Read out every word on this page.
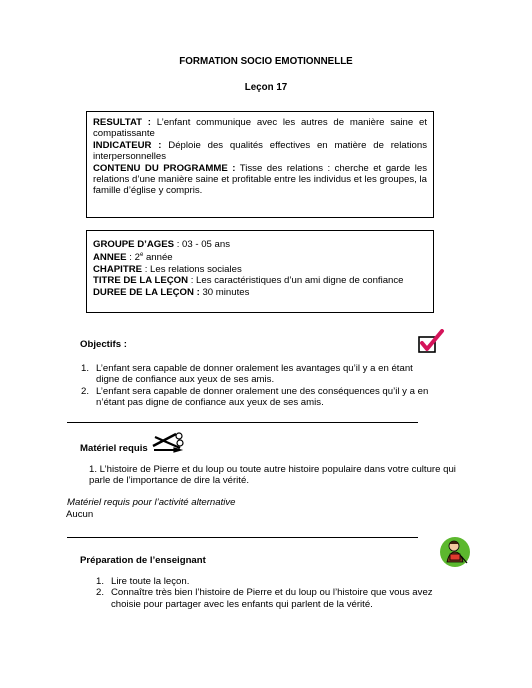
FORMATION SOCIO EMOTIONNELLE
Leçon 17

RESULTAT : L’enfant communique avec les autres de manière saine et compatissante

INDICATEUR : Déploie des qualités effectives en matière de relations interpersonnelles

CONTENU DU PROGRAMME : Tisse des relations : cherche et garde les relations d’une manière saine et profitable entre les individus et les groupes, la famille d’église y compris.

GROUPE D’AGES : 03 - 05 ans

ANNEE : 2e année

CHAPITRE : Les relations sociales

TITRE DE LA LEÇON : Les caractéristiques d’un ami digne de confiance

DUREE DE LA LEÇON : 30 minutes

Objectifs :
1. L’enfant sera capable de donner oralement les avantages qu’il y a en étant digne de confiance aux yeux de ses amis.
2. L’enfant sera capable de donner oralement une des conséquences qu’il y a en n’étant pas digne de confiance aux yeux de ses amis.
Matériel requis
1. L’histoire de Pierre et du loup ou toute autre histoire populaire dans votre culture qui parle de l’importance de dire la vérité.
Matériel requis pour l’activité alternative
Aucun
Préparation de l’enseignant
1. Lire toute la leçon.
2. Connaître très bien l’histoire de Pierre et du loup ou l’histoire que vous avez choisie pour partager avec les enfants qui parlent de la vérité.
